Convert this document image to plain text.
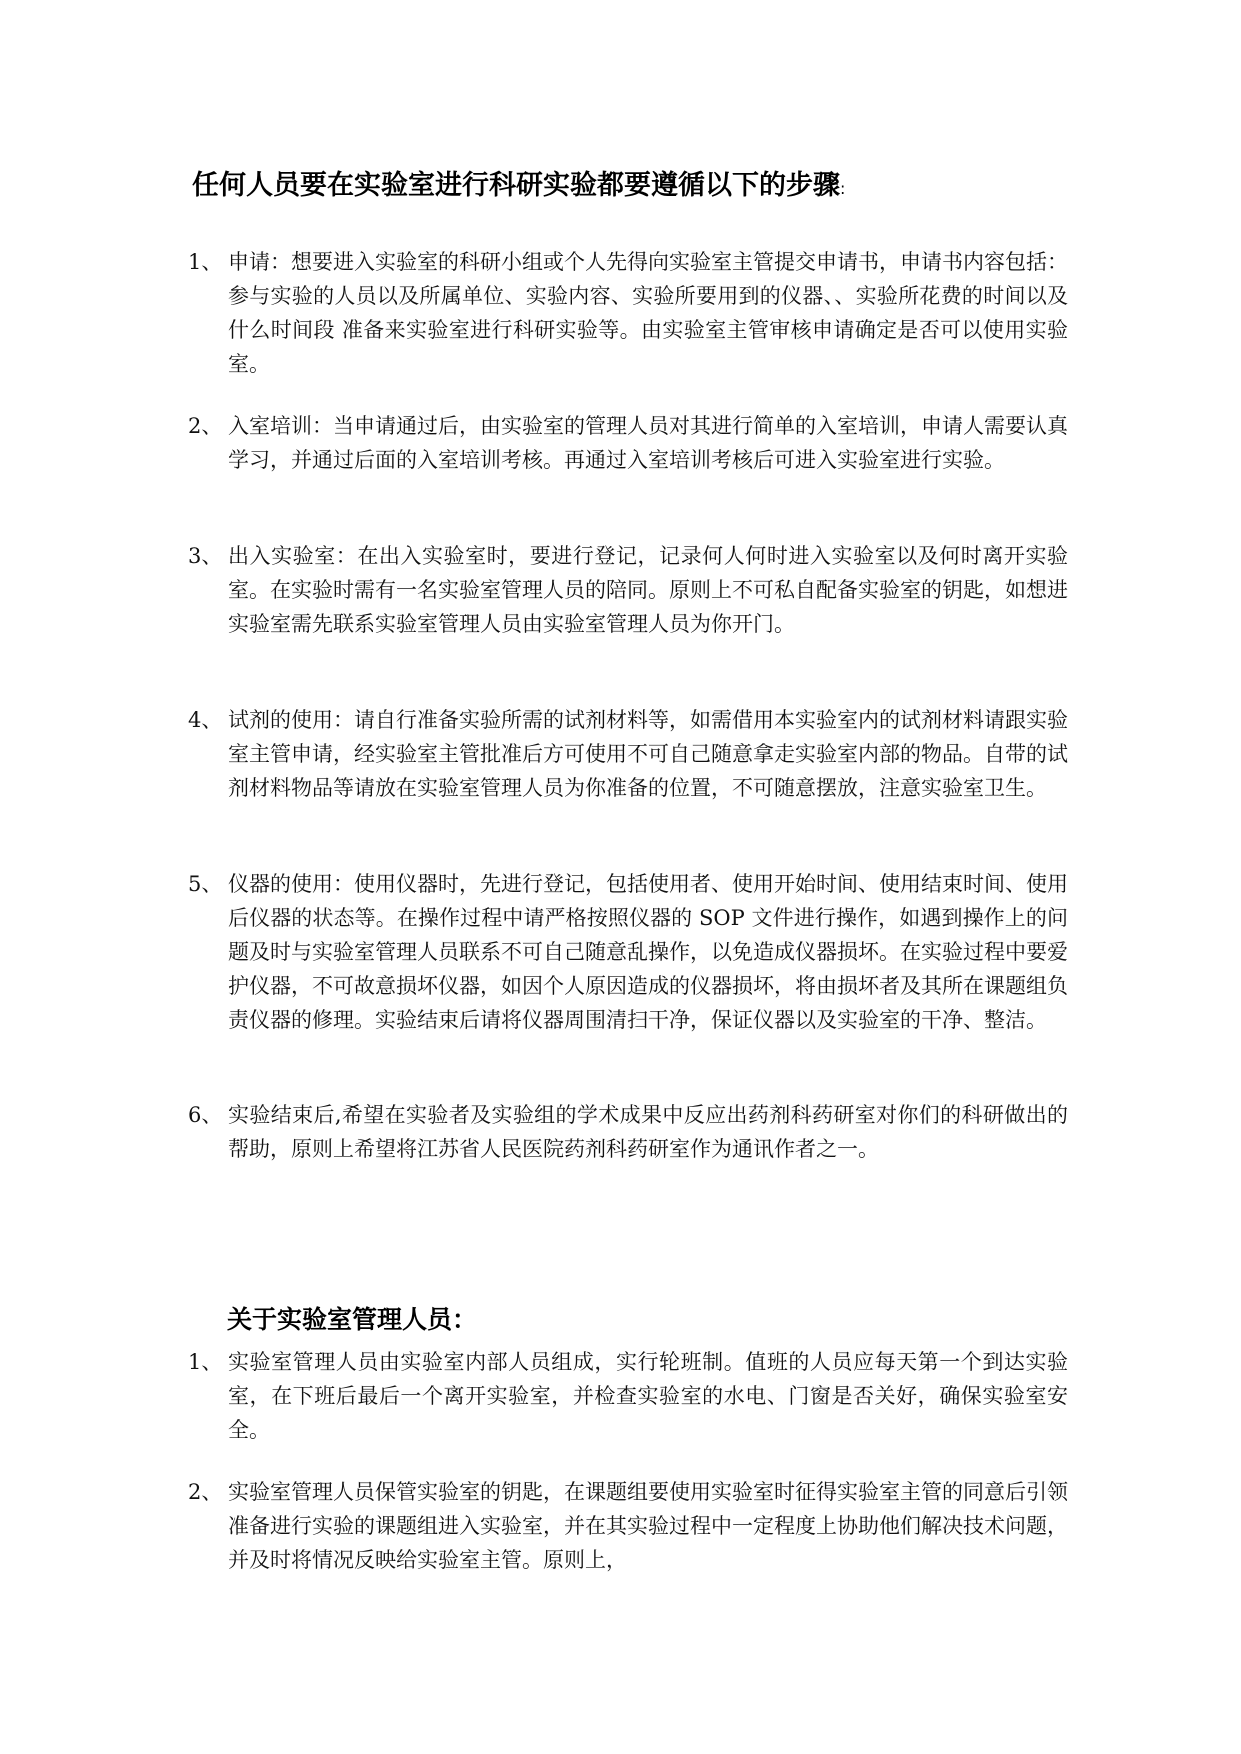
任何人员要在实验室进行科研实验都要遵循以下的步骤:
1、 申请：想要进入实验室的科研小组或个人先得向实验室主管提交申请书，申请书内容包括：参与实验的人员以及所属单位、实验内容、实验所要用到的仪器、、实验所花费的时间以及什么时间段 准备来实验室进行科研实验等。由实验室主管审核申请确定是否可以使用实验室。
2、 入室培训：当申请通过后，由实验室的管理人员对其进行简单的入室培训，申请人需要认真学习，并通过后面的入室培训考核。再通过入室培训考核后可进入实验室进行实验。
3、 出入实验室：在出入实验室时，要进行登记，记录何人何时进入实验室以及何时离开实验室。在实验时需有一名实验室管理人员的陪同。原则上不可私自配备实验室的钥匙，如想进实验室需先联系实验室管理人员由实验室管理人员为你开门。
4、 试剂的使用：请自行准备实验所需的试剂材料等，如需借用本实验室内的试剂材料请跟实验室主管申请，经实验室主管批准后方可使用不可自己随意拿走实验室内部的物品。自带的试剂材料物品等请放在实验室管理人员为你准备的位置，不可随意摆放，注意实验室卫生。
5、 仪器的使用：使用仪器时，先进行登记，包括使用者、使用开始时间、使用结束时间、使用后仪器的状态等。在操作过程中请严格按照仪器的 SOP 文件进行操作，如遇到操作上的问题及时与实验室管理人员联系不可自己随意乱操作，以免造成仪器损坏。在实验过程中要爱护仪器，不可故意损坏仪器，如因个人原因造成的仪器损坏，将由损坏者及其所在课题组负责仪器的修理。实验结束后请将仪器周围清扫干净，保证仪器以及实验室的干净、整洁。
6、 实验结束后,希望在实验者及实验组的学术成果中反应出药剂科药研室对你们的科研做出的帮助，原则上希望将江苏省人民医院药剂科药研室作为通讯作者之一。
关于实验室管理人员：
1、 实验室管理人员由实验室内部人员组成，实行轮班制。值班的人员应每天第一个到达实验室，在下班后最后一个离开实验室，并检查实验室的水电、门窗是否关好，确保实验室安全。
2、 实验室管理人员保管实验室的钥匙，在课题组要使用实验室时征得实验室主管的同意后引领准备进行实验的课题组进入实验室，并在其实验过程中一定程度上协助他们解决技术问题，并及时将情况反映给实验室主管。原则上，
